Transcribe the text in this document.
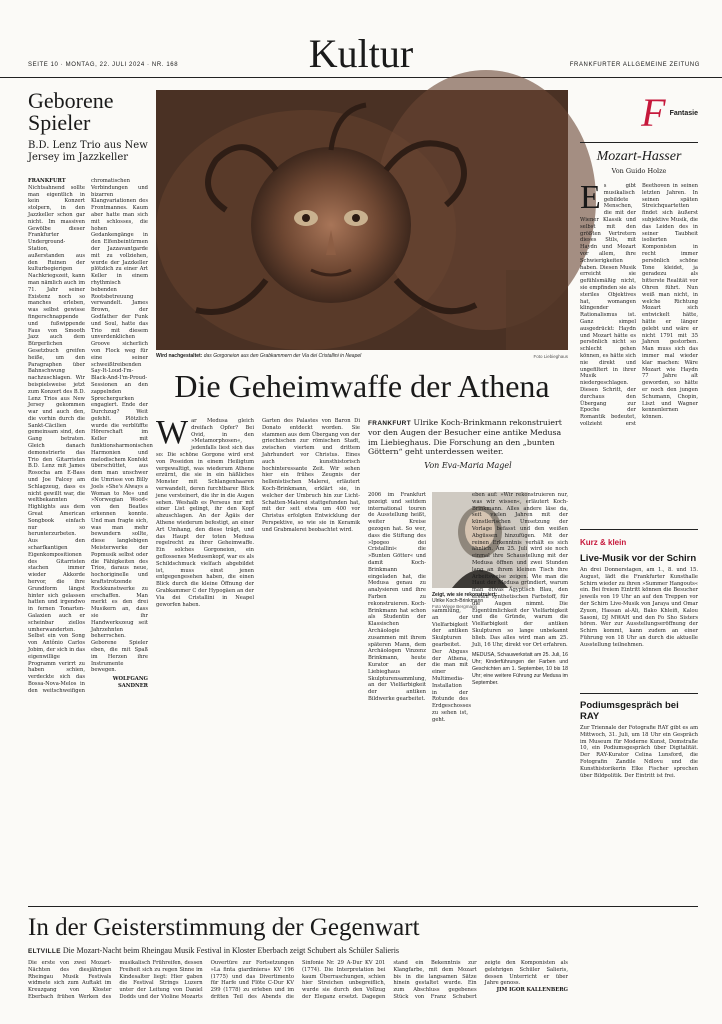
SEITE 10 · MONTAG, 22. JULI 2024 · NR. 168	Kultur	FRANKFURTER ALLGEMEINE ZEITUNG
Geborene Spieler
B.D. Lenz Trio aus New Jersey im Jazzkeller
FRANKFURT Nichtsahnend sollte man eigentlich in kein Konzert stolpern, in den Jazzkeller schon gar nicht. Im massiven Gewölbe dieser Frankfurter Underground-Station, außerstanden aus den Ruinen der kulturbegierigen Nachkriegszeit, kann man nämlich auch im 71. Jahr seiner Existenz noch so manches erleben, was selbst gewisse fingerschnappende und fußwippende Faus von Smooth Jazz auch dem Bürgerlichen Gesetzbuch greifen heiße, um den Paragraphen über Bahnschwung nachzuschlagen. Wir beispielsweise jetzt zum Konzert des B.D. Lenz Trios aus New Jersey gekommen war und auch den, die vorhin durch die Sankt-Cäcilien gemeinsam sind, den Gang betraten. Gleich danach demonstrierte das Trio den Gitarristen B.D. Lenz mit James Rosocha am E-Bass und Joe Falcey am Schlagzeug, dass es nicht gewillt war, die weltbekannten Highlights aus dem Great American Songbook einfach nur so herunterzurbeten. Aus den scharfkantigen Eigenkompositionen des Gitarristen stachen immer wieder Akkorde hervor, die ihre Grundform längst hinter sich gelassen hatten und irgendwo in fernen Tonarten-Galaxien auch er scheinbar ziellos umherwanderten. Selbst ein von Song von Antônio Carlos Jobim, der sich in das eigenwillige Programm verirrt zu haben schien, verdeckte sich das Bossa-Nova-Melos in den weitschweifigen chromatischen Verbindungen und bizarren Klangvariationen des Frontmannes. Kaum aber hatte man sich mit schlosses, die hohen Gedankengänge in den Elfenbeintürmen der Jazzavantgarde mit zu vollziehen, wurde der Jazzkeller plötzlich zu einer Art Keller in einem rhythmisch bebenden Rootsbetreuung verwandelt. James Brown, der Godfather der Funk und Soul, hatte das Trio mit diesem unverdenklichen Groove sicherlich von Flock weg für eine seiner schweißtreibenden Say-It-Loud-I'm-Black-And-I'm-Proud-Sessionen an den zappelnden Sprechergurken engagiert. Ende der Durchzug? Weit gefehlt. Plötzlich wurde die verblüffte Hörerschaft im Keller mit funktionsharmonischen Harmonien und melodischem Konfekt überschüttet, aus dem man unschwer die Umrisse von Billy Joels »She's Always a Woman to Me« und »Norwegian Wood« von den Beatles erkennen konnte. Und man fragte sich, was man mehr bewundern sollte, diese langlebigen Meisterwerke der Popmusik selbst oder die Fähigkeiten des Trios, daraus neue, hochoriginelle und kraftstrotzende Rockkunstwerke zu erschaffen. Man merkt es den drei Musikern an, dass sie ihr Handwerkszeug seit Jahrzehnten beherrschen. Geborene Spieler eben, die mit Spaß im Herzen ihre Instrumente bewegen.
WOLFGANG SANDNER
Wird nachgestaltet: das Gorgoneion aus den Grabkammern der Via dei Cristallini in Neapel	Foto Liebieghaus
Die Geheimwaffe der Athena
W ar Medusa gleich dreifach Opfer? Bei Ovid, in den »Metamorphosen«, jedenfalls liest sich das so: Die schöne Gorgone wird erst von Poseidon in einem Heiligtum vergewaltigt, was wiederum Athene erzürnt, die sie in ein häßliches Monster mit Schlangenhaaren verwandelt, deren furchtbarer Blick jene versteinert, die ihr in die Augen sehen. Weshalb es Perseus nur mit einer List gelingt, ihr den Kopf abzuschlagen. An der Ägäis der Athene wiederum befestigt, an einer Art Umhang, den diese trägt, und das Haupt der toten Medusa regelrecht zu ihrer Geheimwaffe. Ein solches Gorgoneion, ein geflossenes Medusenkopf, war es als Schildschmuck vielfach abgebildet ist, muss einst jenen entgegengesehen haben, die einen Blick durch die kleine Öffnung der Grabkammer C der Hypogäen an der Via dei Cristallini in Neapel geworfen haben.
Garten des Palastes von Baron Di Donato entdeckt worden. Sie stammen aus dem Übergang von der griechischen zur römischen Stadt, zwischen viertem und drittem Jahrhundert vor Christus. Eines auch kunsthistorisch hochinteressante Zeit. Wir sehen hier ein frühes Zeugnis der hellenistischen Malerei, erläutert Koch-Brinkmann, erklärt sie, in welcher der Umbruch hin zur Licht-Schatten-Malerei stattgefunden hat, mit der seit etwa um 400 vor Christus erfolgten Entwicklung der Perspektive, so wie sie in Keramik und Grabmalerei beobachtet wird.
FRANKFURT Ulrike Koch-Brinkmann rekonstruiert vor den Augen der Besucher eine antike Medusa im Liebieghaus. Die Forschung an den „bunten Göttern“ geht unterdessen weiter.
Von Eva-Maria Magel
2006 im Frankfurt gezeigt und seitdem international touren de Ausstellung heißt, weiter Kreise gezogen hat. So wer, dass die Stiftung des »Ipogeo dei Cristallini« die »Bunten Götter« und damit Koch-Brinkmann eingeladen hat, die Medusa genau zu analysieren und ihre Farben zu rekonstruieren. Koch-Brinkmann hat schon als Studentin der Klassischen Archäologie zusammen mit ihrem späteren Mann, dem Archäologen Vinzenz Brinkmann, heute Kurator an der Liebieghaus Skulpturensammlung, an der Vielfarbigkeit der antiken Bildwerke gearbeitet.
Zeigt, wie sie rekonstruiert:
Ulrike Koch-Brinkmann
Foto Wiege Bergmann
sammlung, an der Vielfarbigkeit der antiken Skulpturen gearbeitet. Der Abguss der Athena, die man mit einer Multimedia-Installation in der Rotunde des Erdgeschosses zu sehen ist, geht.
eben auf: »Wir rekonstruieren nur, was wir wissen«, erläutert Koch-Brinkmann. Alles andere läse da, seit vielen Jahren mit der künstlerischen Umsetzung der Vorlage befasst und den weißen Abgüssen hinzufügen. Mit der reinen Erkenntnis verhält es sich ähnlich. Am 25. Juli wird sie noch einmal ihre Schaustellung mit der Medusa öffnen und zwei Stunden lang an ihrem kleinen Tisch ihre Arbeitsweise zeigen. Wie man die Haut der Medusa gründiert, warum man etwas Ägyptisch Blau, den ersten synthetischen Farbstoff, für die Augen nimmt. Die Eigentümlichkeit der Vielfarbigkeit und die Gründe, warum die Vielfarbigkeit der antiken Skulpturen so lange unbekannt blieb. Das alles wird man am 25. Juli, 16 Uhr, direkt vor Ort erfahren.
MEDUSA, Schauwerkstatt am 25. Juli, 16 Uhr; Kinderführungen der Farben und Geschichten am 1. September, 10 bis 18 Uhr; eine weitere Führung zur Medusa im September.
F Fantasie
Mozart-Hasser
Von Guido Holze
E s gibt musikalisch gebildete Menschen, die mit der Wiener Klassik und selbst mit den größten Vertretern dieses Stils, mit Haydn und Mozart vor allem, ihre Schwierigkeiten haben. Diesen Musik erreicht sie gefühlsmäßig nicht, sie empfinden sie als steriles Objektives hat, womangen klingender Rationalismus ist. Ganz simpel ausgedrückt: Haydn und Mozart hätte es persönlich nicht so schlecht gehen können, es hätte sich nie direkt und ungefiltert in ihrer Musik niedergeschlagen. Diesen Schritt, der durchaus den Übergang zur Epoche der Romantik bedeutet, vollzieht erst Beethoven in seinen letzten Jahren. In seinen späten Streichquartetten findet sich äußerst subjektive Musik, die das Leiden des in seiner Taubheit isolierten Komponisten in recht immer persönlich schöne Tone kleidet, ja geradezu als bitterste Realität vor Ohren führt. Nun weiß man nicht, in welche Richtung Mozart sich entwickelt hätte, hätte er länger gelebt und wäre er nicht 1791 mit 35 Jahren gestorben. Man muss sich das immer mal wieder klar machen: Wäre Mozart wie Haydn 77 Jahre alt geworden, so hätte er noch den jungen Schumann, Chopin, Liszt und Wagner kennenlernen können.
Kurz & klein
Live-Musik vor der Schirn
An drei Donnerstagen, am 1., 8. und 15. August, lädt die Frankfurter Kunsthalle Schirn wieder zu ihren »Summer Hangouts« ein. Bei freiem Eintritt können die Besucher jeweils von 19 Uhr an auf den Treppen vor der Schirn Live-Musik von Jaraya und Omar Zyuon, Hassan al-Ali, Bako Khleifi, Kalou Sasoni, DJ MWAH und den Fo Sho Sisters hören. Wer zur Ausstellungseröffnung der Schirn kommt, kann zudem an einer Führung von 18 Uhr an durch die aktuelle Ausstellung teilnehmen.
Podiumsgespräch bei RAY
Zur Triennale der Fotografie RAY gibt es am Mittwoch, 31. Juli, um 18 Uhr ein Gespräch im Museum für Moderne Kunst, Domstraße 10, ein Podiumsgespräch über Digitalität. Der RAY-Kurator Celina Lunsford, die Fotografin Zandile Ndlovu und die Kunsthistorikerin Elke Fischer sprechen über Bildpolitik. Der Eintritt ist frei.
In der Geisterstimmung der Gegenwart
ELTVILLE Die Mozart-Nacht beim Rheingau Musik Festival in Kloster Eberbach zeigt Schubert als Schüler Salieris
Die erste von zwei Mozart-Nächten des diesjährigen Rheingau Musik Festivals widmete sich zum Auftakt im Kreuzgang von Kloster Eberbach frühen Werken des musikalisch Frühreifen, dessen Freiheit sich zu regen Sinne im Kindesalter liegt: Hier gaben die Festival Strings Luzern unter der Leitung von Daniel Dodds und der Violine Mozarts Ouvertüre zur Fortsetzungen »La finta giardiniera« KV 196 (1775) und das Divertimento für Harfe und Flöte C-Dur KV 299 (1778) zu erleben und im dritten Teil des Abends die Sinfonie Nr. 29 A-Dur KV 201 (1774). Die Interpretation bei kaum Überraschungen, schien hier Streichen unbegreiflich, wurde sie durch den Vollzug der Eleganz ersetzt. Dagegen stand ein Bekenntnis zur Klangfarbe, mit dem Mozart bis in die langsamen Sätze hinein gestaltet wurde. Ein zum Abschluss gegebenes Stück von Franz Schubert zeigte den Komponisten als gelehrigen Schüler Salieris, dessen Unterricht er über Jahre genoss.
JIM IGOR KALLENBERG
